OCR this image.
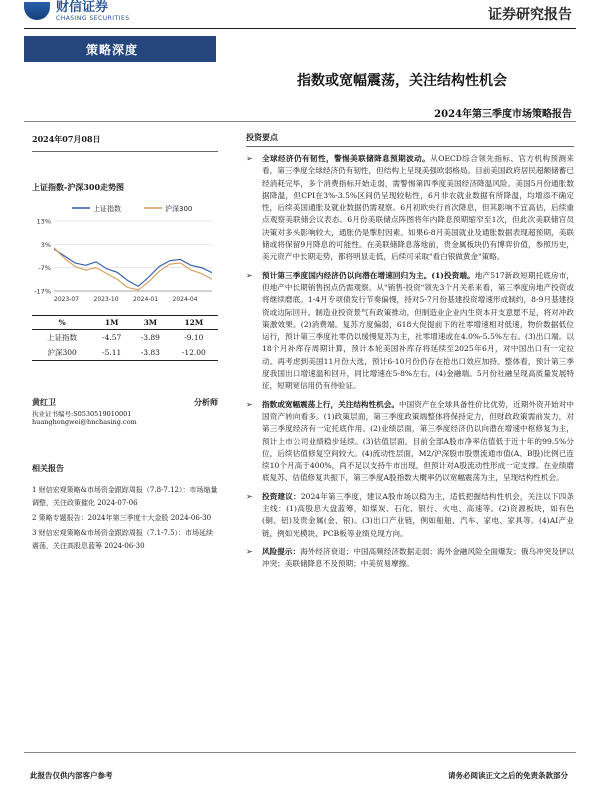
财信证券
CHASING SECURITIES	证券研究报告
策略深度
指数或宽幅震荡，关注结构性机会
2024年第三季度市场策略报告
2024年07月08日
上证指数-沪深300走势图
上证指数	沪深300
13%
3%
-7%
-17%
2023-07 2023-10 2024-01 2024-04
%	1M	3M	12M
上证指数	-4.57	-3.89	-9.10
沪深300	-5.11	-3.83	-12.00
黄红卫	分析师
执业证书编号:S0530519010001
huanghongwei@hnchasing.com
相关报告
1 财信宏观策略&市场资金跟踪周报（7.8-7.12）：市场缩量调整，关注政策催化 2024-07-06
2 策略专题报告：2024年第三季度十大金股 2024-06-30
3 财信宏观策略&市场资金跟踪周报（7.1-7.5）：市场延续震荡，关注高股息蓝筹 2024-06-30
投资要点
➢	全球经济仍有韧性，警惕美联储降息预期波动。从OECD综合领先指标、官方机构预测来看，第三季度全球经济仍有韧性，但结构上呈现美强欧弱格局。目前美国政府居民超额储蓄已经消耗完毕，多个消费指标开始走弱，需警惕第四季度美国经济降温风险。美国5月份通胀数据降温，但CPI在3%-3.5%区间仍呈现较粘性，6月非农就业数据有所降温，均增添不确定性，后续美国通胀及就业数据仍需观察。6月初欧央行首次降息，但其影响不宜高估，后续重点观察美联储会议表态。6月份美联储点阵图将年内降息预期缩窄至1次，但此次美联储官员决策对多头影响较大，通胀仍是掣肘因素。如果6-8月美国就业及通胀数据表现超预期，美联储或将保留9月降息的可能性。在美联储降息落地前，贵金属板块仍有博弈价值，参照历史，美元资产中长期走势，都将明显走低，后续可采取"看白银做黄金"策略。
➢	预计第三季度国内经济仍以向潜在增速回归为主。(1)投资端。地产517新政短期托底房市，但地产中长期销售拐点仍需观察。从"销售-投资"领先3个月关系来看，第三季度房地产投资或将继续磨底。1-4月专项债发行节奏偏慢，持对5-7月份基建投资增速形成制约，8-9月基建投资或边际回升。制造业投资景气有政策推动，但制造业企业内生资本开支意愿不足，将对冲政策激效果。(2)消费端。复苏方度偏弱，618大促提前下的社零增速相对低速，物价数据低位运行，预计第三季度社零仍以缓慢复苏为主，社零增速或在4.0%-5.5%左右。(3)出口端。以18个月补库存周期计算，预计本轮美国补库存将延续至2025年6月，对中国出口有一定拉动。再考虑到美国11月份大选，预计6-10月份仍存在抢出口效应加持。整体看，预计第三季度我国出口增速温和回升，同比增速在5-8%左右。(4)金融端。5月份社融呈现高质量发展特征，短期宽信用仍有待验证。
➢	指数或宽幅震荡上行，关注结构性机会。中国资产在全球具备性价比优势，近期外资开始对中国资产转向看多。(1)政策层面，第三季度政策端整体将保持定力，但财政政策需前发力，对第三季度经济有一定托底作用。(2)业绩层面，第三季度经济仍以向潜在增速中枢修复为主，预计上市公司业绩稳步延续。(3)估值层面，目前全部A股市净率估值低于近十年的99.5%分位，后续估值修复空间较大。(4)流动性层面，M2/沪深股市股票流通市值(A、B股)比例已连续10个月高于400%，尚不足以支持牛市出现，但预计对A股流动性形成一定支撑。在业绩磨底复苏、估值修复共振下，第三季度A股指数大概率仍以宽幅震荡为主，呈现结构性机会。
➢	投资建议：2024年第三季度，建议A股市场以稳为主，适低把握结构性机会，关注以下四条主线：(1)高股息大盘蓝筹，如煤炭、石化、银行、火电、高速等。(2)资源板块，如有色(铜、铝)及贵金属(金、银)。(3)出口产业链，例如船舶、汽车、家电、家具等。(4)AI产业链，例如光模块、PCB板等业绩兑现方向。
➢	风险提示：海外经济衰退；中国高频经济数据走弱；海外金融风险全面爆发；俄乌冲突及伊以冲突；美联储降息不及预期；中美贸易摩擦。
此报告仅供内部客户参考	请务必阅读正文之后的免责条款部分
